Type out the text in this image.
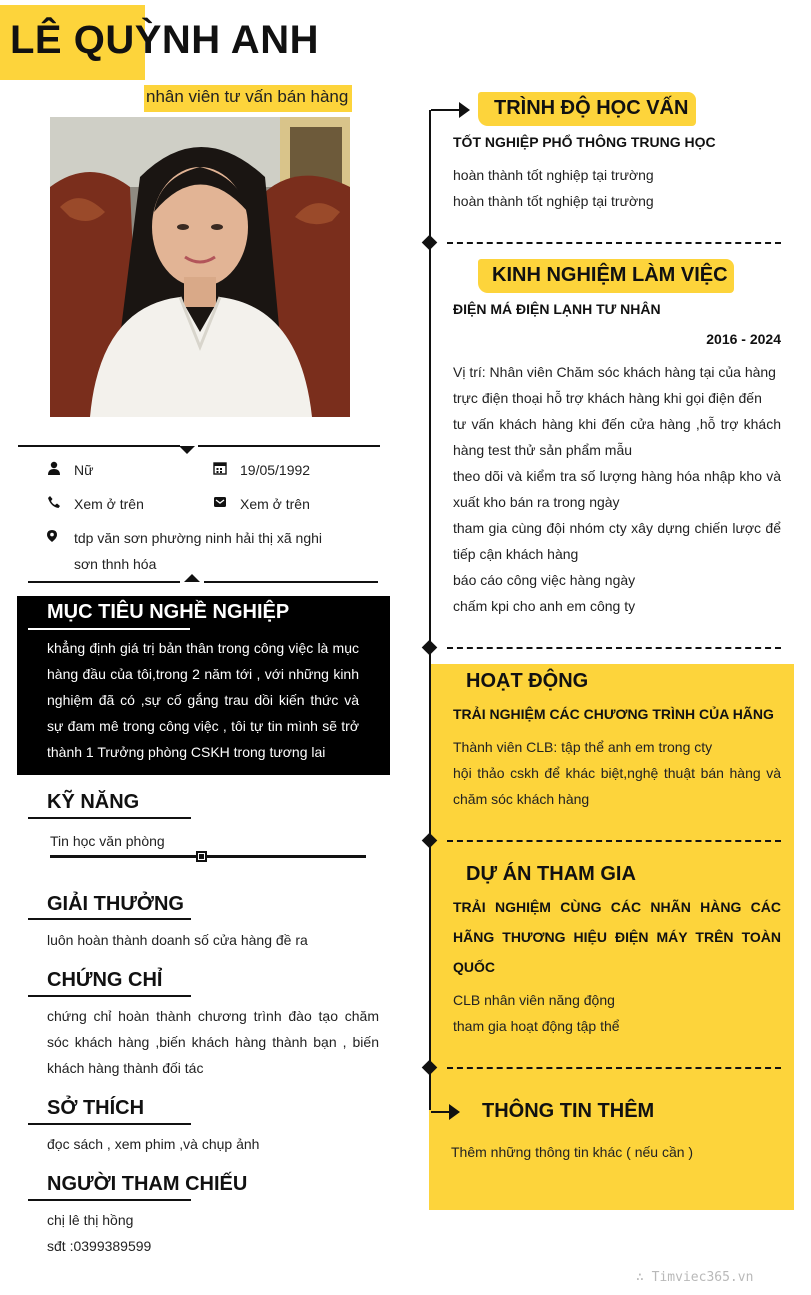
LÊ QUỲNH ANH
nhân viên tư vấn bán hàng
Nữ	19/05/1992
Xem ở trên	Xem ở trên
tdp văn sơn phường ninh hải thị xã nghi sơn thnh hóa
MỤC TIÊU NGHỀ NGHIỆP
khẳng định giá trị bản thân trong công việc là mục hàng đầu của tôi,trong 2 năm tới , với những kinh nghiệm đã có ,sự cố gắng trau dồi kiến thức và sự đam mê trong công việc , tôi tự tin mình sẽ trở thành 1 Trưởng phòng CSKH trong tương lai
KỸ NĂNG
Tin học văn phòng
GIẢI THƯỞNG
luôn hoàn thành doanh số cửa hàng đề ra
CHỨNG CHỈ
chứng chỉ hoàn thành chương trình đào tạo chăm sóc khách hàng ,biến khách hàng thành bạn , biến khách hàng thành đối tác
SỞ THÍCH
đọc sách , xem phim ,và chụp ảnh
NGƯỜI THAM CHIẾU
chị lê thị hồng
sđt :0399389599
TRÌNH ĐỘ HỌC VẤN
TỐT NGHIỆP PHỔ THÔNG TRUNG HỌC
hoàn thành tốt nghiệp tại trường
hoàn thành tốt nghiệp tại trường
KINH NGHIỆM LÀM VIỆC
ĐIỆN MÁ ĐIỆN LẠNH TƯ NHÂN
2016 - 2024
Vị trí: Nhân viên Chăm sóc khách hàng tại của hàng
trực điện thoại hỗ trợ khách hàng khi gọi điện đến
tư vấn khách hàng khi đến cửa hàng ,hỗ trợ khách hàng test thử sản phẩm mẫu
theo dõi và kiểm tra số lượng hàng hóa nhập kho và xuất kho bán ra trong ngày
tham gia cùng đội nhóm cty xây dựng chiến lược để tiếp cận khách hàng
báo cáo công việc hàng ngày
chấm kpi cho anh em công ty
HOẠT ĐỘNG
TRẢI NGHIỆM CÁC CHƯƠNG TRÌNH CỦA HÃNG
Thành viên CLB: tập thể anh em trong cty
hội thảo cskh để khác biệt,nghệ thuật bán hàng và chăm sóc khách hàng
DỰ ÁN THAM GIA
TRẢI NGHIỆM CÙNG CÁC NHÃN HÀNG CÁC HÃNG THƯƠNG HIỆU ĐIỆN MÁY TRÊN TOÀN QUỐC
CLB nhân viên năng động
tham gia hoạt động tập thể
THÔNG TIN THÊM
Thêm những thông tin khác ( nếu cần )
∴ Timviec365.vn
